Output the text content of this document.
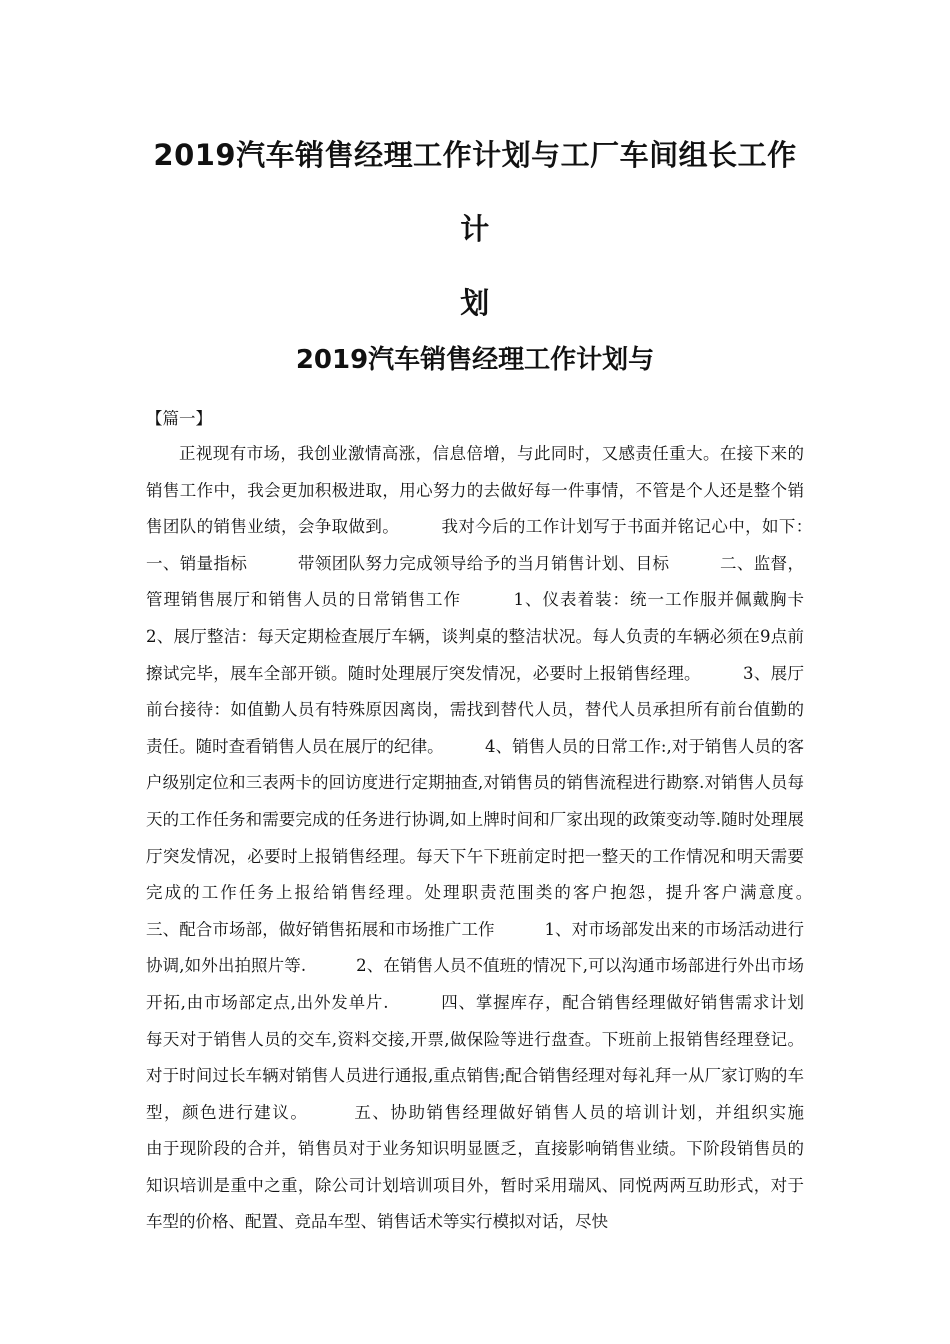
2019汽车销售经理工作计划与工厂车间组长工作计
划
2019汽车销售经理工作计划与
【篇一】

正视现有市场，我创业激情高涨，信息倍增，与此同时，又感责任重大。在接下来的销售工作中，我会更加积极进取，用心努力的去做好每一件事情，不管是个人还是整个销售团队的销售业绩，会争取做到。　　　我对今后的工作计划写于书面并铭记心中，如下：　　　一、销量指标　　　带领团队努力完成领导给予的当月销售计划、目标　　　二、监督，管理销售展厅和销售人员的日常销售工作　　　1、仪表着装：统一工作服并佩戴胸卡　　　2、展厅整洁：每天定期检查展厅车辆，谈判桌的整洁状况。每人负责的车辆必须在9点前擦试完毕，展车全部开锁。随时处理展厅突发情况，必要时上报销售经理。　　　3、展厅前台接待：如值勤人员有特殊原因离岗，需找到替代人员，替代人员承担所有前台值勤的责任。随时查看销售人员在展厅的纪律。　　　4、销售人员的日常工作:,对于销售人员的客户级别定位和三表两卡的回访度进行定期抽查,对销售员的销售流程进行勘察.对销售人员每天的工作任务和需要完成的任务进行协调,如上牌时间和厂家出现的政策变动等.随时处理展厅突发情况，必要时上报销售经理。每天下午下班前定时把一整天的工作情况和明天需要完成的工作任务上报给销售经理。处理职责范围类的客户抱怨，提升客户满意度。　　　三、配合市场部，做好销售拓展和市场推广工作　　　1、对市场部发出来的市场活动进行协调,如外出拍照片等.　　　2、在销售人员不值班的情况下,可以沟通市场部进行外出市场开拓,由市场部定点,出外发单片.　　　四、掌握库存，配合销售经理做好销售需求计划　　每天对于销售人员的交车,资料交接,开票,做保险等进行盘查。下班前上报销售经理登记。对于时间过长车辆对销售人员进行通报,重点销售;配合销售经理对每礼拜一从厂家订购的车型，颜色进行建议。　　　五、协助销售经理做好销售人员的培训计划，并组织实施　　　由于现阶段的合并，销售员对于业务知识明显匮乏，直接影响销售业绩。下阶段销售员的知识培训是重中之重，除公司计划培训项目外，暂时采用瑞风、同悦两两互助形式，对于车型的价格、配置、竞品车型、销售话术等实行模拟对话，尽快
